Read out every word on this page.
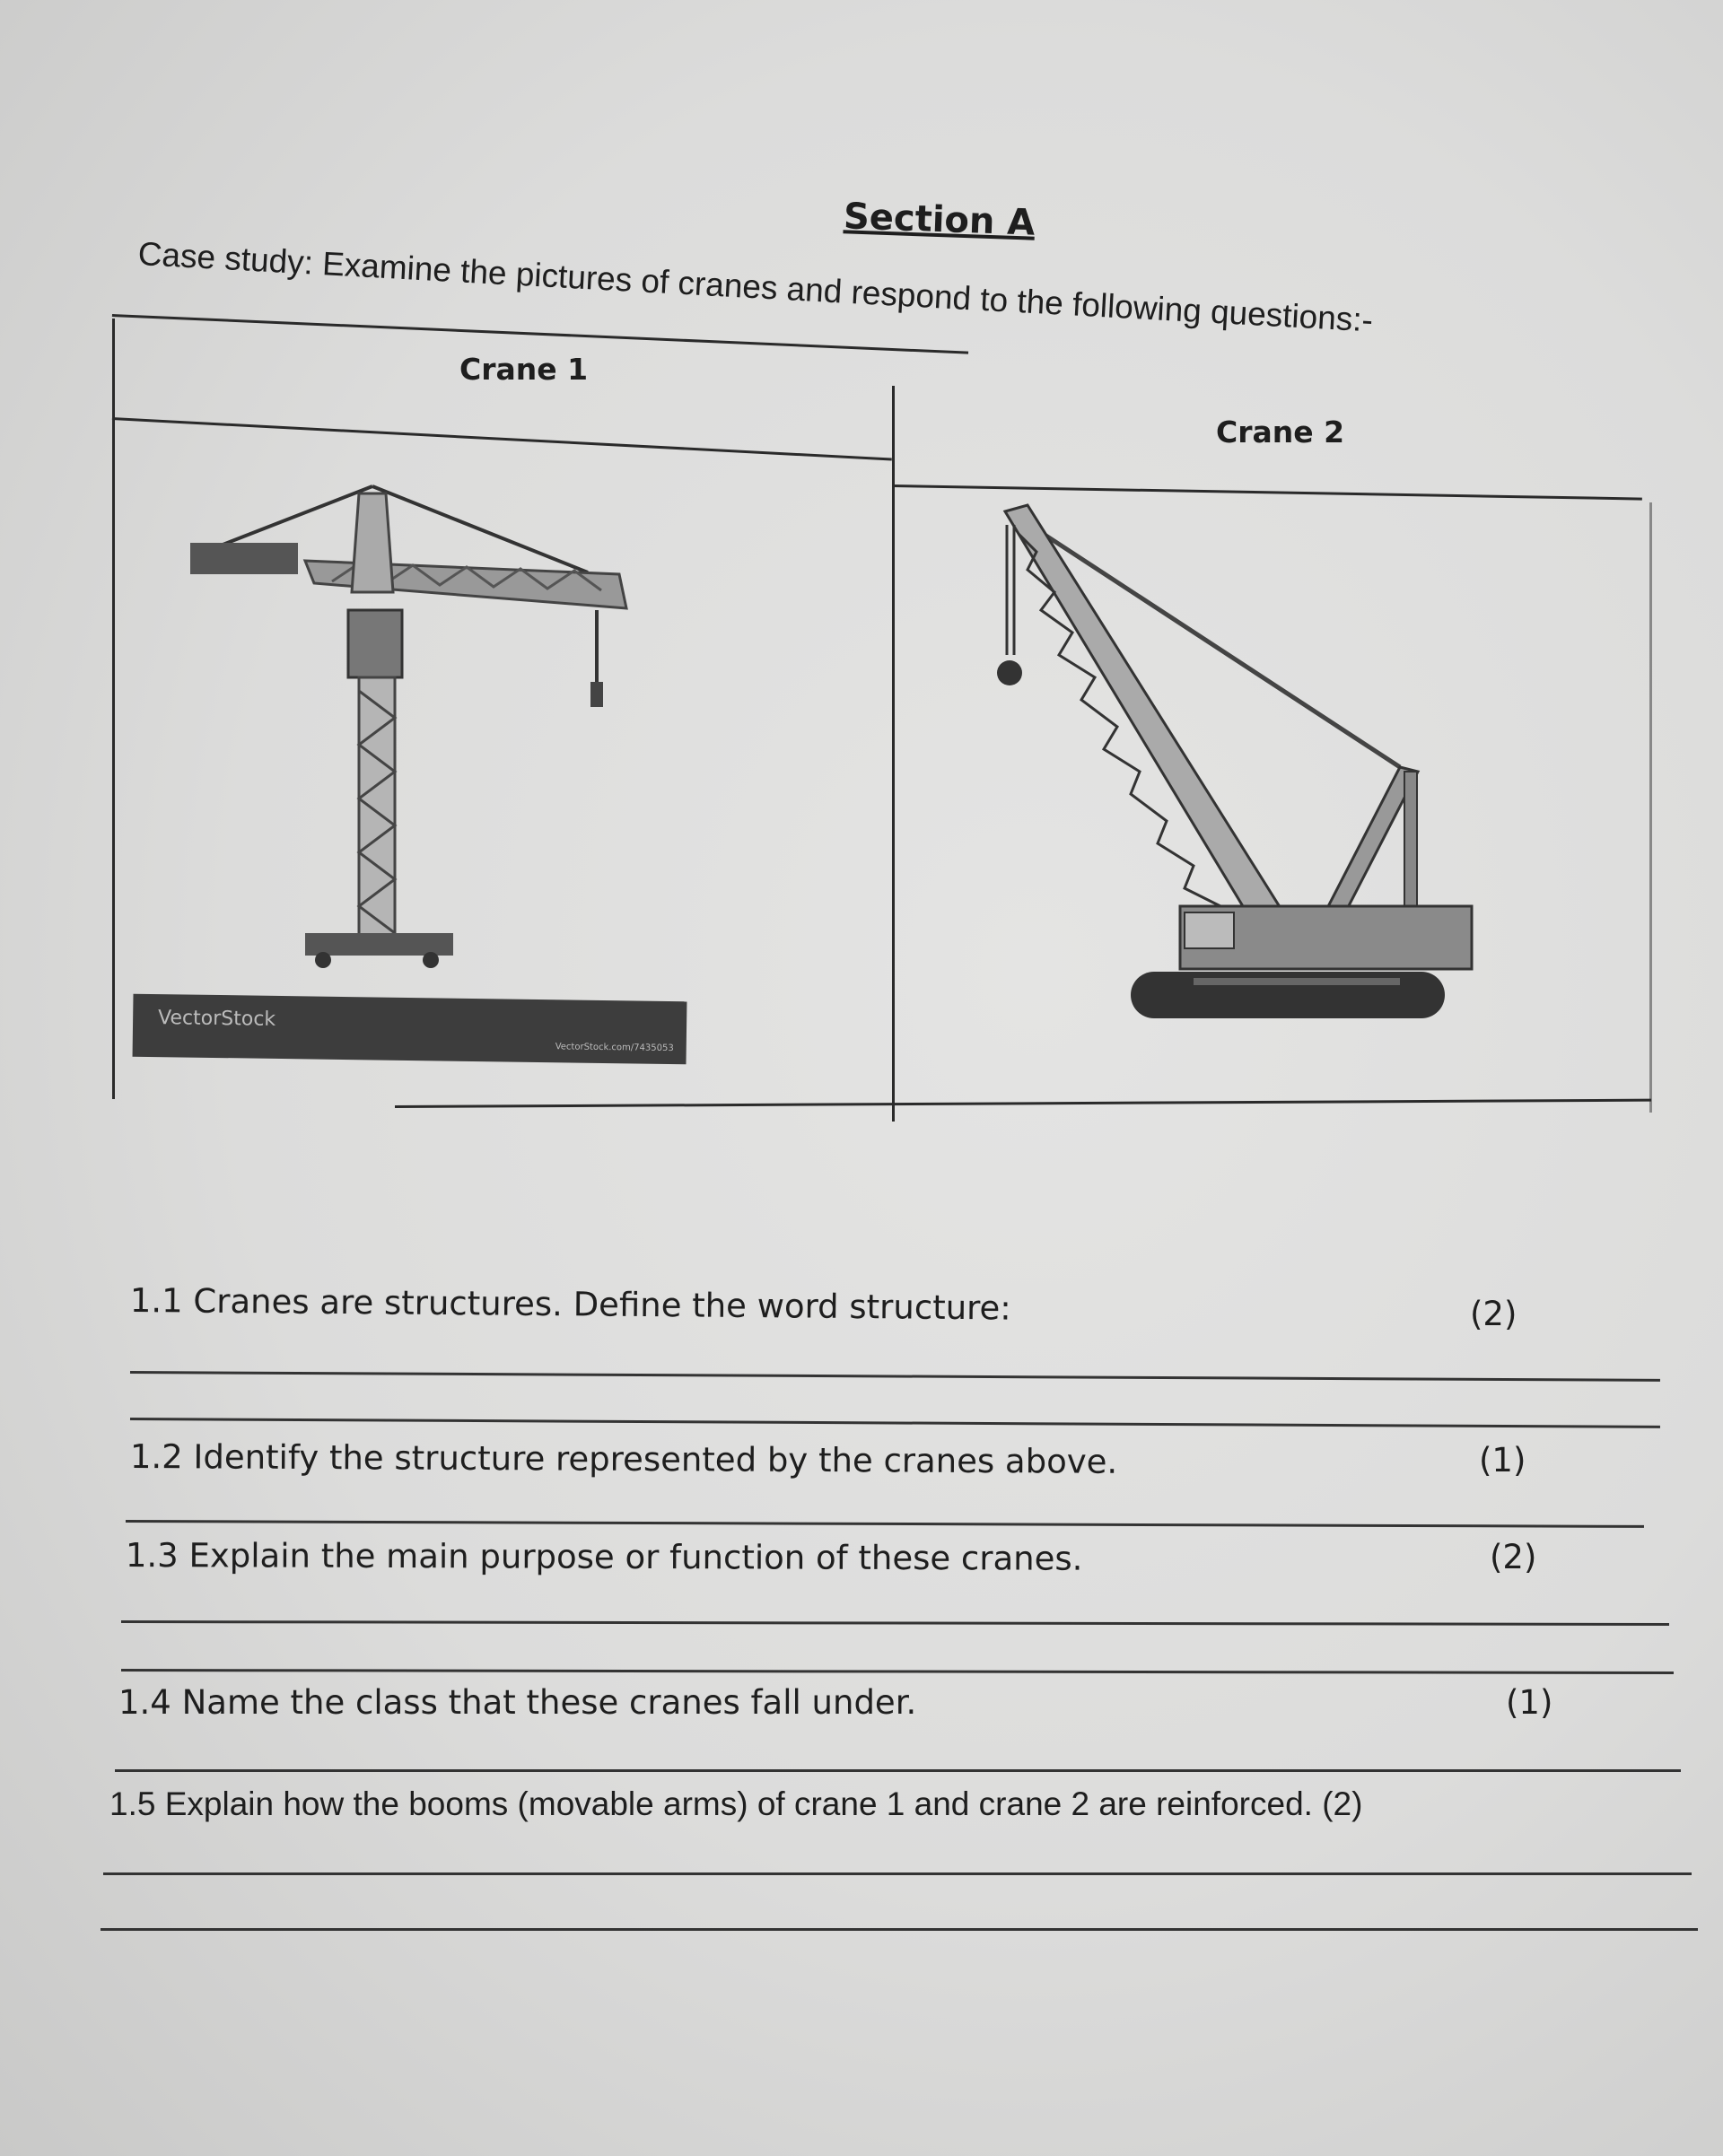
Section A
Case study: Examine the pictures of cranes and respond to the following questions:-
Crane 1
Crane 2
VectorStock
VectorStock.com/7435053
1.1 Cranes are structures. Define the word structure:	(2)
1.2 Identify the structure represented by the cranes above.	(1)
1.3 Explain the main purpose or function of these cranes.	(2)
1.4 Name the class that these cranes fall under.	(1)
1.5 Explain how the booms (movable arms) of crane 1 and crane 2 are reinforced. (2)
